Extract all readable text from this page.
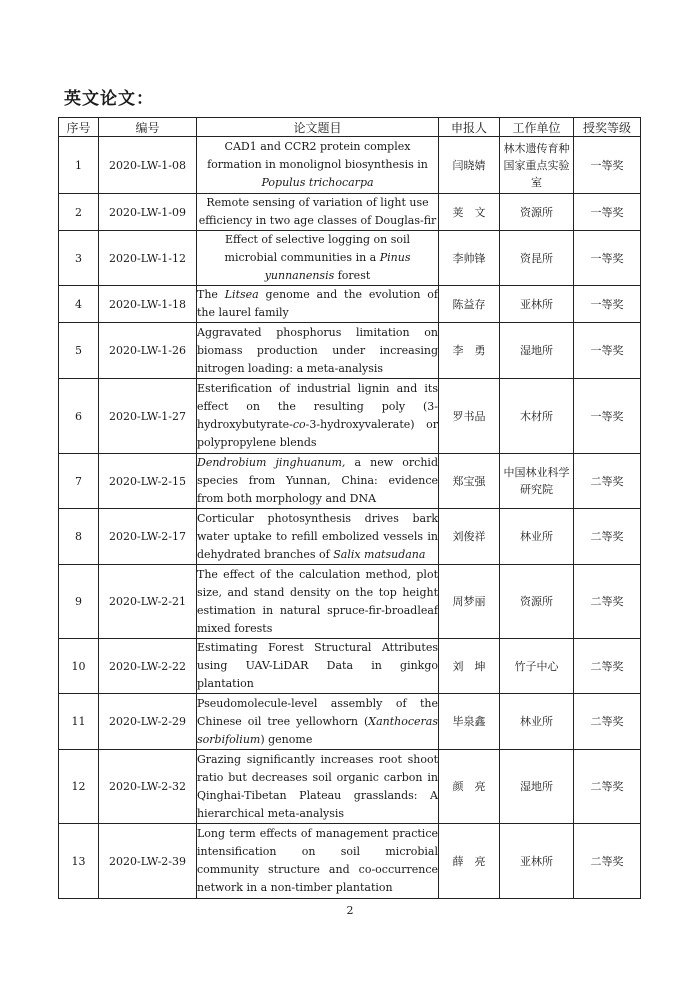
英文论文：
序号	编号	论文题目	申报人	工作单位	授奖等级
1	2020-LW-1-08	CAD1 and CCR2 protein complex formation in monolignol biosynthesis in Populus trichocarpa	闫晓婧	林木遗传育种国家重点实验室	一等奖
2	2020-LW-1-09	Remote sensing of variation of light use efficiency in two age classes of Douglas-fir	荚　文	资源所	一等奖
3	2020-LW-1-12	Effect of selective logging on soil microbial communities in a Pinus yunnanensis forest	李帅锋	资昆所	一等奖
4	2020-LW-1-18	The Litsea genome and the evolution of the laurel family	陈益存	亚林所	一等奖
5	2020-LW-1-26	Aggravated phosphorus limitation on biomass production under increasing nitrogen loading: a meta-analysis	李　勇	湿地所	一等奖
6	2020-LW-1-27	Esterification of industrial lignin and its effect on the resulting poly (3-hydroxybutyrate-co-3-hydroxyvalerate) or polypropylene blends	罗书品	木材所	一等奖
7	2020-LW-2-15	Dendrobium jinghuanum, a new orchid species from Yunnan, China: evidence from both morphology and DNA	郑宝强	中国林业科学研究院	二等奖
8	2020-LW-2-17	Corticular photosynthesis drives bark water uptake to refill embolized vessels in dehydrated branches of Salix matsudana	刘俊祥	林业所	二等奖
9	2020-LW-2-21	The effect of the calculation method, plot size, and stand density on the top height estimation in natural spruce-fir-broadleaf mixed forests	周梦丽	资源所	二等奖
10	2020-LW-2-22	Estimating Forest Structural Attributes using UAV-LiDAR Data in ginkgo plantation	刘　坤	竹子中心	二等奖
11	2020-LW-2-29	Pseudomolecule-level assembly of the Chinese oil tree yellowhorn (Xanthoceras sorbifolium) genome	毕泉鑫	林业所	二等奖
12	2020-LW-2-32	Grazing significantly increases root shoot ratio but decreases soil organic carbon in Qinghai‐Tibetan Plateau grasslands: A hierarchical meta‐analysis	颜　亮	湿地所	二等奖
13	2020-LW-2-39	Long term effects of management practice intensification on soil microbial community structure and co-occurrence network in a non-timber plantation	薛　亮	亚林所	二等奖
2
